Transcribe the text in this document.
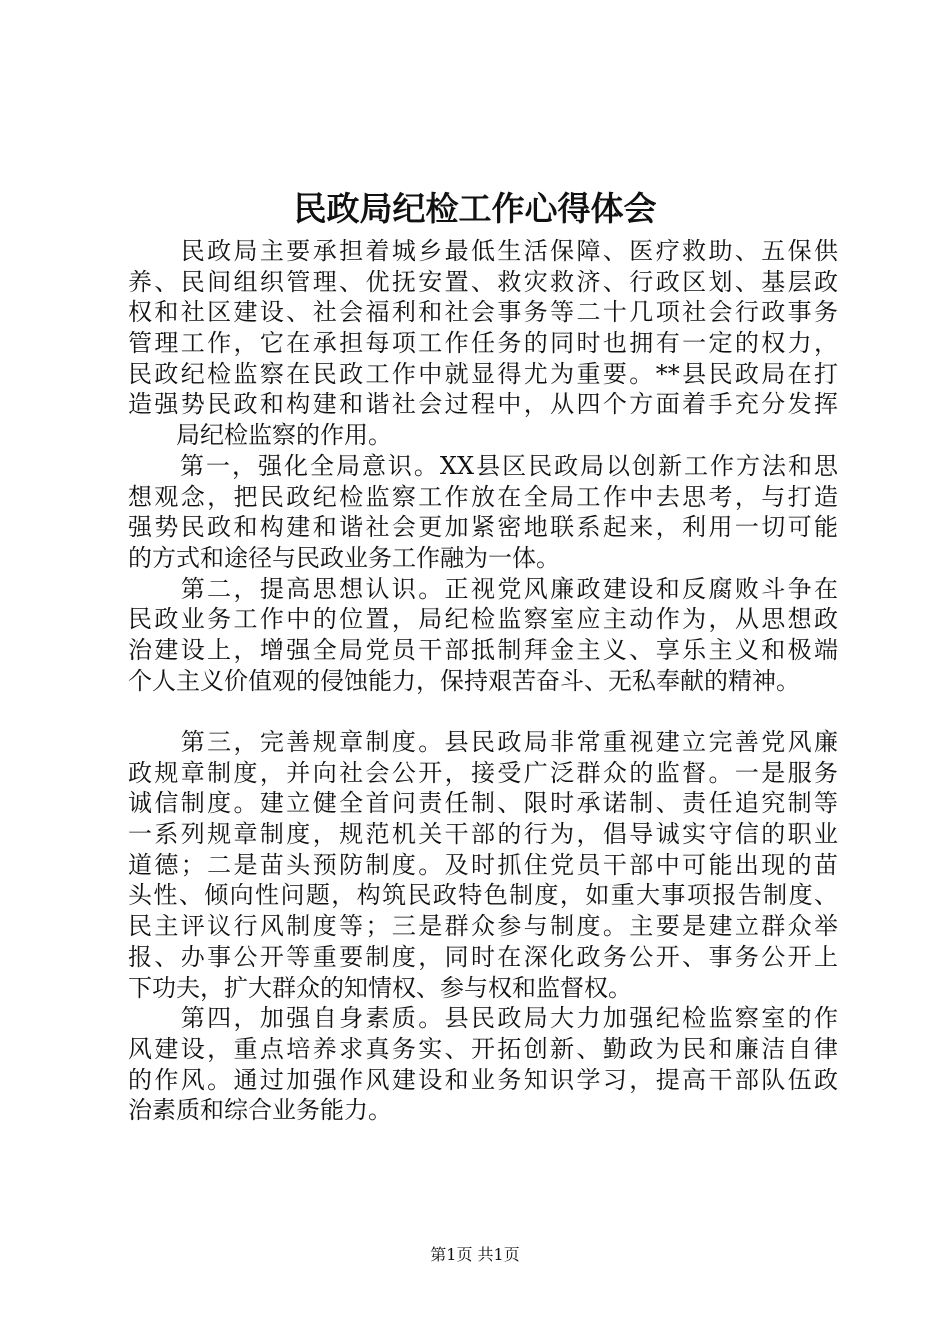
民政局纪检工作心得体会
　　民政局主要承担着城乡最低生活保障、医疗救助、五保供
养、民间组织管理、优抚安置、救灾救济、行政区划、基层政
权和社区建设、社会福利和社会事务等二十几项社会行政事务
管理工作，它在承担每项工作任务的同时也拥有一定的权力，
民政纪检监察在民政工作中就显得尤为重要。**县民政局在打
造强势民政和构建和谐社会过程中，从四个方面着手充分发挥
　　局纪检监察的作用。
　　第一，强化全局意识。XX县区民政局以创新工作方法和思
想观念，把民政纪检监察工作放在全局工作中去思考，与打造
强势民政和构建和谐社会更加紧密地联系起来，利用一切可能
的方式和途径与民政业务工作融为一体。
　　第二，提高思想认识。正视党风廉政建设和反腐败斗争在
民政业务工作中的位置，局纪检监察室应主动作为，从思想政
治建设上，增强全局党员干部抵制拜金主义、享乐主义和极端
个人主义价值观的侵蚀能力，保持艰苦奋斗、无私奉献的精神。
　　第三，完善规章制度。县民政局非常重视建立完善党风廉
政规章制度，并向社会公开，接受广泛群众的监督。一是服务
诚信制度。建立健全首问责任制、限时承诺制、责任追究制等
一系列规章制度，规范机关干部的行为，倡导诚实守信的职业
道德；二是苗头预防制度。及时抓住党员干部中可能出现的苗
头性、倾向性问题，构筑民政特色制度，如重大事项报告制度、
民主评议行风制度等；三是群众参与制度。主要是建立群众举
报、办事公开等重要制度，同时在深化政务公开、事务公开上
下功夫，扩大群众的知情权、参与权和监督权。
　　第四，加强自身素质。县民政局大力加强纪检监察室的作
风建设，重点培养求真务实、开拓创新、勤政为民和廉洁自律
的作风。通过加强作风建设和业务知识学习，提高干部队伍政
治素质和综合业务能力。
第1页 共1页
